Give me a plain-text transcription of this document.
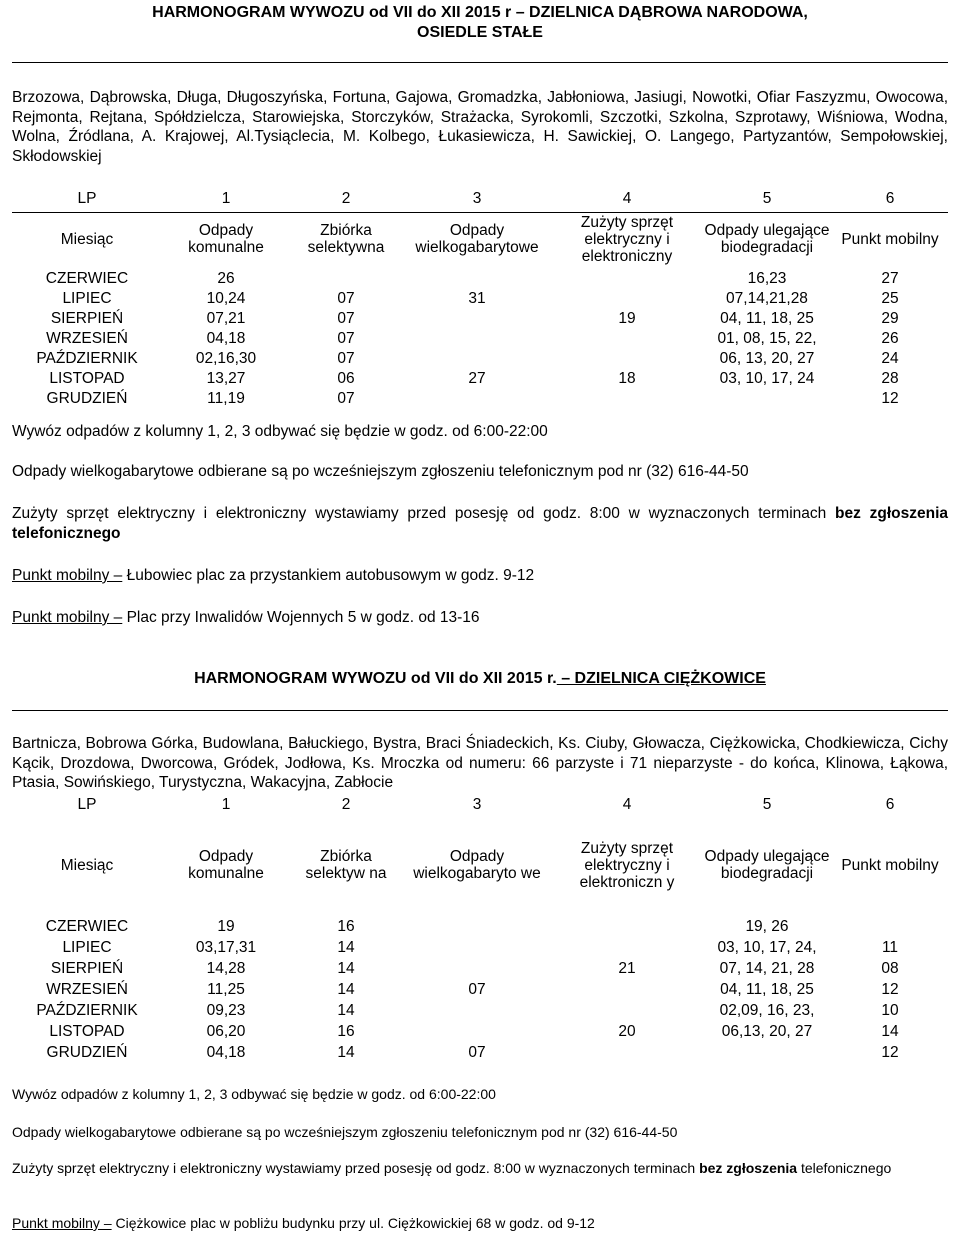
HARMONOGRAM WYWOZU od VII do XII 2015 r – DZIELNICA DĄBROWA NARODOWA,
OSIEDLE STAŁE
Brzozowa, Dąbrowska, Długa, Długoszyńska, Fortuna, Gajowa, Gromadzka, Jabłoniowa, Jasiugi, Nowotki, Ofiar Faszyzmu, Owocowa, Rejmonta, Rejtana, Spółdzielcza, Starowiejska, Storczyków, Strażacka, Syrokomli, Szczotki, Szkolna, Szprotawy, Wiśniowa, Wodna, Wolna, Źródlana, A. Krajowej, Al.Tysiąclecia, M. Kolbego, Łukasiewicza, H. Sawickiej, O. Langego, Partyzantów, Sempołowskiej, Skłodowskiej
LP	1	2	3	4	5	6
Miesiąc	Odpady komunalne	Zbiórka selektywna	Odpady wielkogabarytowe	Zużyty sprzęt elektryczny i elektroniczny	Odpady ulegające biodegradacji	Punkt mobilny
CZERWIEC	26				16,23	27
LIPIEC	10,24	07	31		07,14,21,28	25
SIERPIEŃ	07,21	07		19	04, 11, 18, 25	29
WRZESIEŃ	04,18	07			01, 08, 15, 22,	26
PAŹDZIERNIK	02,16,30	07			06, 13, 20, 27	24
LISTOPAD	13,27	06	27	18	03, 10, 17, 24	28
GRUDZIEŃ	11,19	07				12
Wywóz odpadów z kolumny 1, 2, 3 odbywać się będzie w godz. od 6:00-22:00
Odpady wielkogabarytowe odbierane są po wcześniejszym zgłoszeniu telefonicznym pod nr (32) 616-44-50
Zużyty sprzęt elektryczny i elektroniczny wystawiamy przed posesję od godz. 8:00 w wyznaczonych terminach bez zgłoszenia telefonicznego
Punkt mobilny – Łubowiec plac za przystankiem autobusowym w godz. 9-12
Punkt mobilny – Plac przy Inwalidów Wojennych 5 w godz. od 13-16
HARMONOGRAM WYWOZU od VII do XII 2015 r. – DZIELNICA CIĘŻKOWICE
Bartnicza, Bobrowa Górka, Budowlana, Bałuckiego, Bystra, Braci Śniadeckich, Ks. Ciuby, Głowacza, Ciężkowicka, Chodkiewicza, Cichy Kącik, Drozdowa, Dworcowa, Gródek, Jodłowa, Ks. Mroczka od numeru: 66 parzyste i 71 nieparzyste - do końca, Klinowa, Łąkowa, Ptasia, Sowińskiego, Turystyczna, Wakacyjna, Zabłocie
LP	1	2	3	4	5	6
Miesiąc	Odpady komunalne	Zbiórka selektyw na	Odpady wielkogabaryto we	Zużyty sprzęt elektryczny i elektroniczn y	Odpady ulegające biodegradacji	Punkt mobilny
CZERWIEC	19	16			19, 26	
LIPIEC	03,17,31	14			03, 10, 17, 24,	11
SIERPIEŃ	14,28	14		21	07, 14, 21, 28	08
WRZESIEŃ	11,25	14	07		04, 11, 18, 25	12
PAŹDZIERNIK	09,23	14			02,09, 16, 23,	10
LISTOPAD	06,20	16		20	06,13, 20, 27	14
GRUDZIEŃ	04,18	14	07			12
Wywóz odpadów z kolumny 1, 2, 3 odbywać się będzie w godz. od 6:00-22:00
Odpady wielkogabarytowe odbierane są po wcześniejszym zgłoszeniu telefonicznym pod nr (32) 616-44-50
Zużyty sprzęt elektryczny i elektroniczny wystawiamy przed posesję od godz. 8:00 w wyznaczonych terminach bez zgłoszenia telefonicznego
Punkt mobilny – Ciężkowice plac w pobliżu budynku przy ul. Ciężkowickiej 68 w godz. od 9-12
